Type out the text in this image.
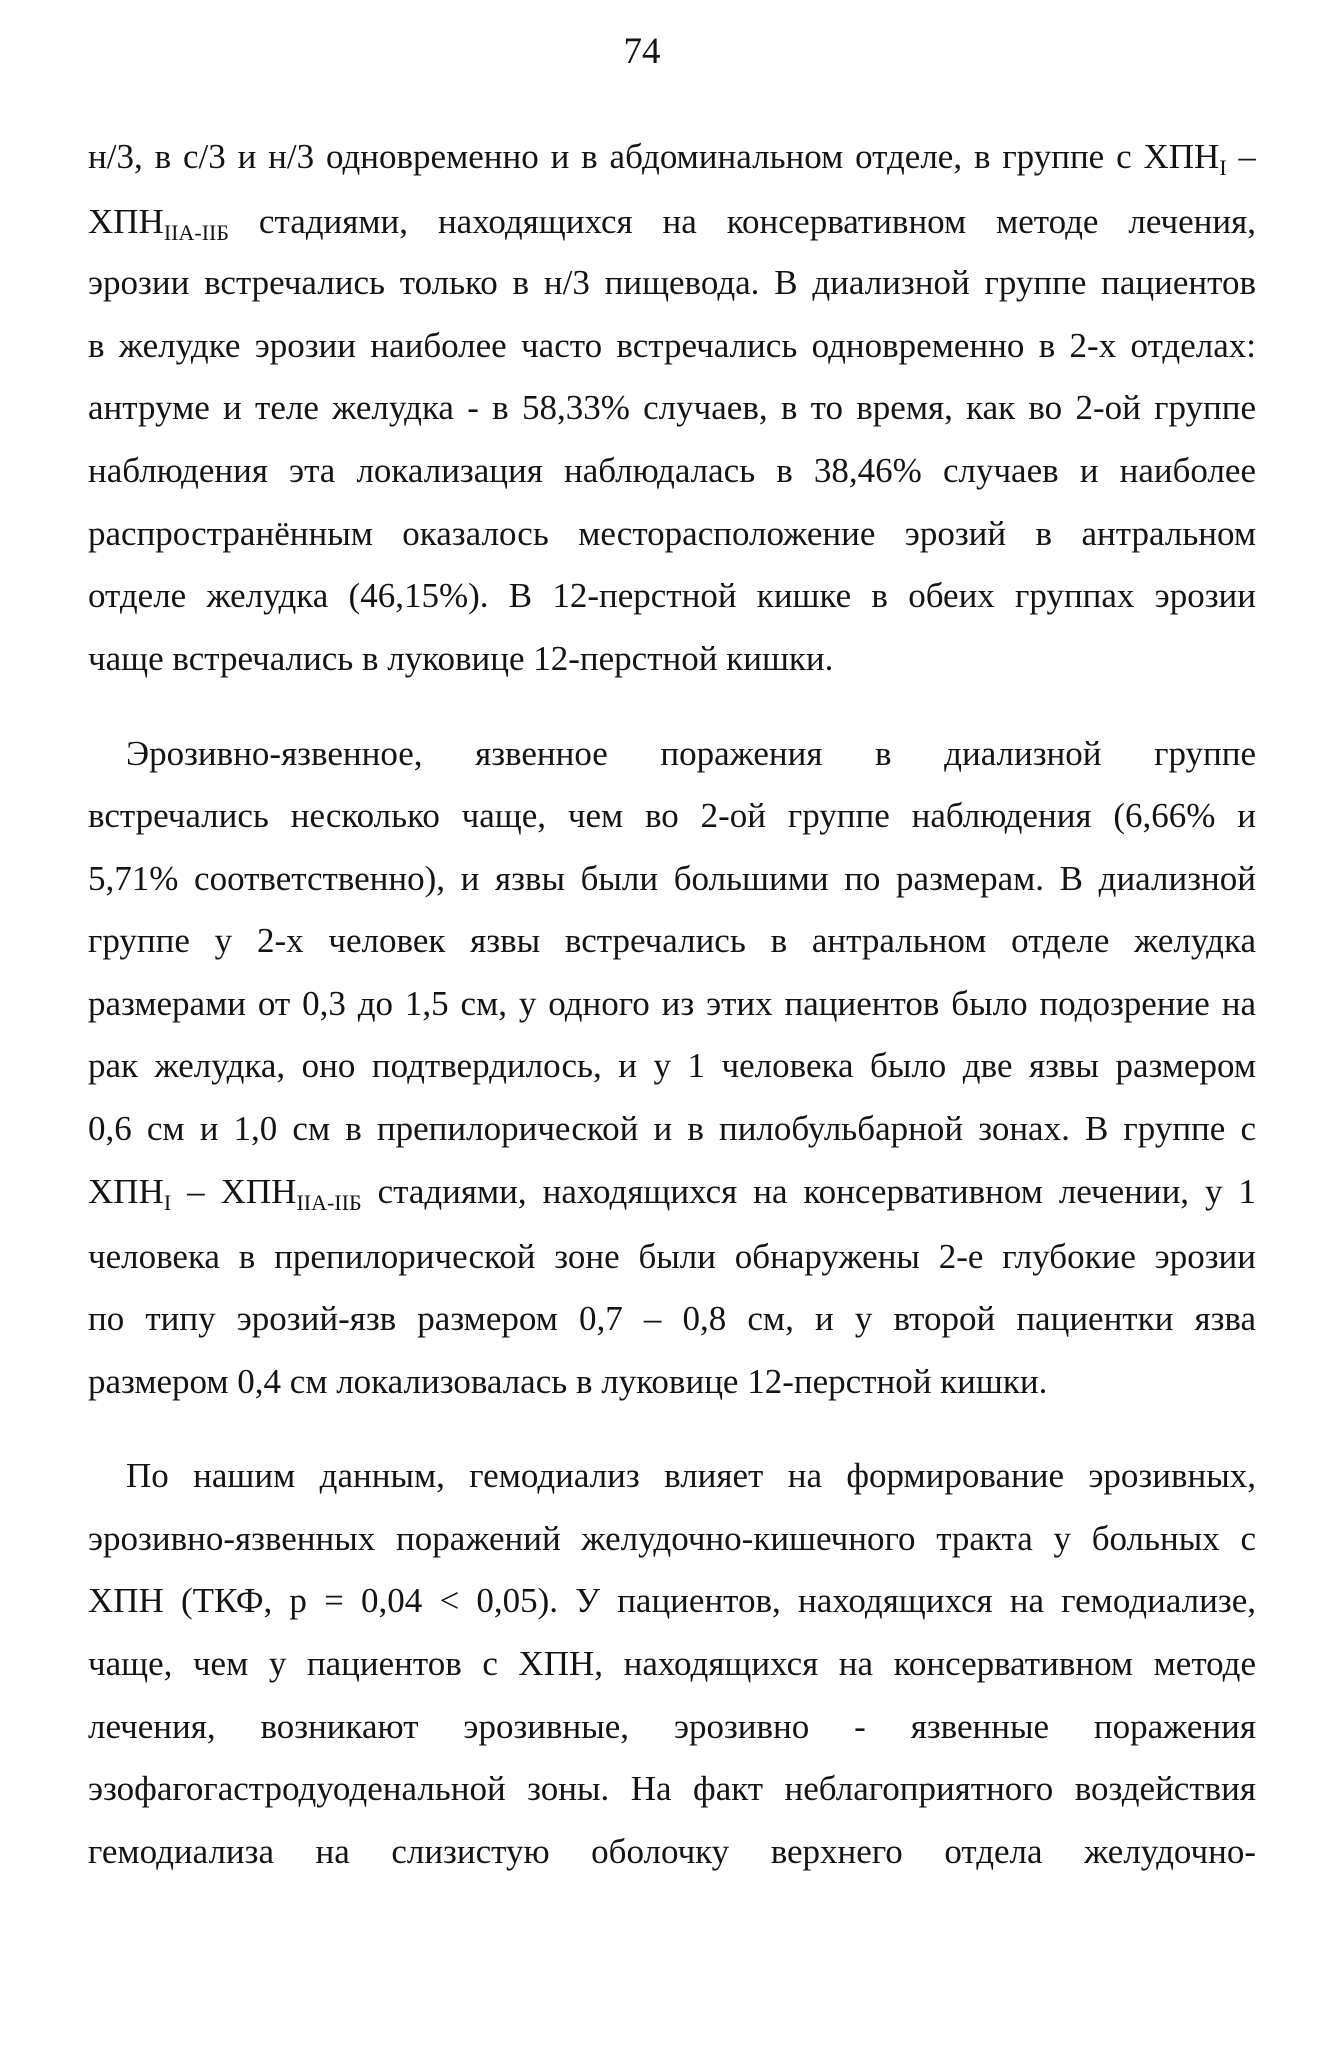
74
н/3, в с/3 и н/3 одновременно и в абдоминальном отделе, в группе с $ХПН_I$ –
$ХПН_{IIА-IIБ}$ стадиями, находящихся на консервативном методе лечения,
эрозии встречались только в н/3 пищевода. В диализной группе пациентов
в желудке эрозии наиболее часто встречались одновременно в 2-х отделах:
антруме и теле желудка - в 58,33% случаев, в то время, как во 2-ой группе
наблюдения эта локализация наблюдалась в 38,46% случаев и наиболее
распространённым оказалось месторасположение эрозий в антральном
отделе желудка (46,15%). В 12-перстной кишке в обеих группах эрозии
чаще встречались в луковице 12-перстной кишки.
Эрозивно-язвенное, язвенное поражения в диализной группе
встречались несколько чаще, чем во 2-ой группе наблюдения (6,66% и
5,71% соответственно), и язвы были большими по размерам. В диализной
группе у 2-х человек язвы встречались в антральном отделе желудка
размерами от 0,3 до 1,5 см, у одного из этих пациентов было подозрение на
рак желудка, оно подтвердилось, и у 1 человека было две язвы размером
0,6 см и 1,0 см в препилорической и в пилобульбарной зонах. В группе с
$ХПН_I - ХПН_{IIА-IIБ}$ стадиями, находящихся на консервативном лечении, у 1
человека в препилорической зоне были обнаружены 2-е глубокие эрозии
по типу эрозий-язв размером 0,7 – 0,8 см, и у второй пациентки язва
размером 0,4 см локализовалась в луковице 12-перстной кишки.
По нашим данным, гемодиализ влияет на формирование эрозивных,
эрозивно-язвенных поражений желудочно-кишечного тракта у больных с
ХПН (ТКФ, р = 0,04 < 0,05). У пациентов, находящихся на гемодиализе,
чаще, чем у пациентов с ХПН, находящихся на консервативном методе
лечения, возникают эрозивные, эрозивно - язвенные поражения
эзофагогастродуоденальной зоны. На факт неблагоприятного воздействия
гемодиализа на слизистую оболочку верхнего отдела желудочно-
